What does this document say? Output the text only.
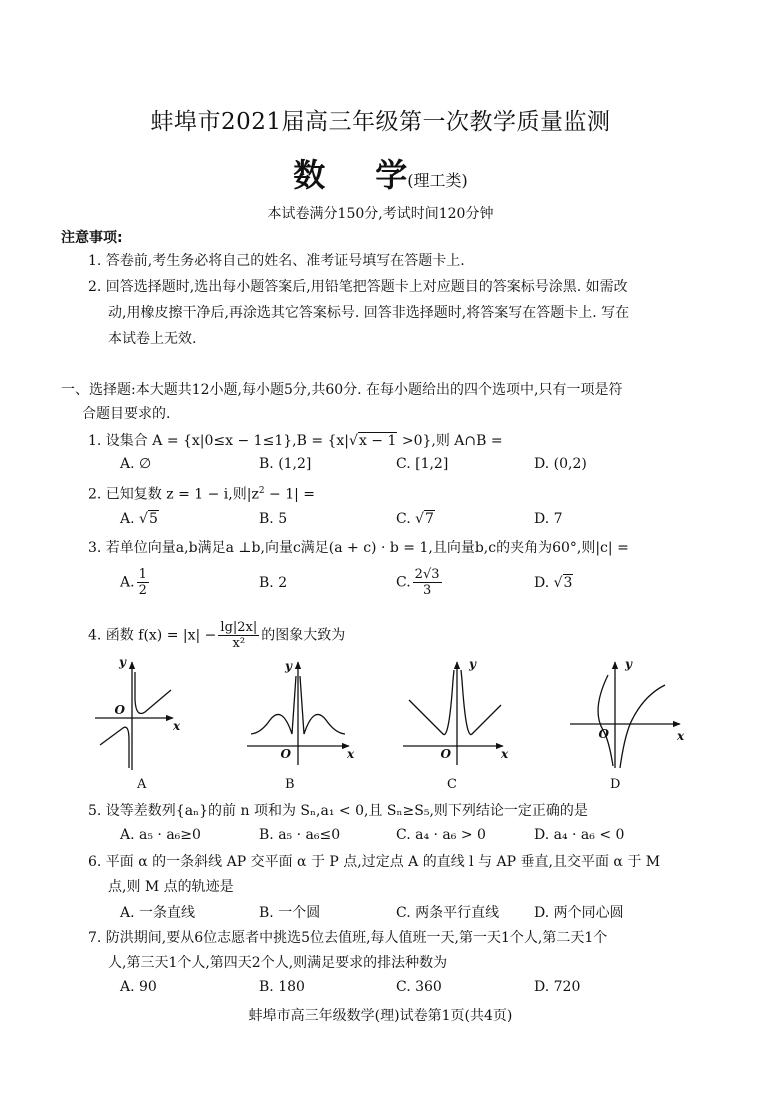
蚌埠市2021届高三年级第一次教学质量监测
数 学(理工类)
本试卷满分150分,考试时间120分钟
注意事项:
1. 答卷前,考生务必将自己的姓名、准考证号填写在答题卡上.
2. 回答选择题时,选出每小题答案后,用铅笔把答题卡上对应题目的答案标号涂黑. 如需改
动,用橡皮擦干净后,再涂选其它答案标号. 回答非选择题时,将答案写在答题卡上. 写在
本试卷上无效.
一、选择题:本大题共12小题,每小题5分,共60分. 在每小题给出的四个选项中,只有一项是符
合题目要求的.
1. 设集合 A = {x|0≤x − 1≤1},B = {x|√x − 1 >0},则 A∩B =
A. ∅	B. (1,2]	C. [1,2]	D. (0,2)
2. 已知复数 z = 1 − i,则$|z^2 - 1|$ =
A. √5	B. 5	C. √7	D. 7
3. 若单位向量a,b满足a ⊥b,向量c满足(a + c) · b = 1,且向量b,c的夹角为60°,则|c| =
A. $\frac{1}{2}$	B. 2	C. $\frac{2√3}{3}$	D. √3
4. 函数 $f(x) = |x| - \frac{\lg|2x|}{\text{x²}}$ 的图象大致为
y
x
O
y
x
O
y
x
O
y
x
O
A	B	C	D
5. 设等差数列{aₙ}的前 n 项和为 Sₙ,a₁ < 0,且 Sₙ≥S₅,则下列结论一定正确的是
A. a₅ · a₆≥0	B. a₅ · a₆≤0	C. a₄ · a₆ > 0	D. a₄ · a₆ < 0
6. 平面 α 的一条斜线 AP 交平面 α 于 P 点,过定点 A 的直线 l 与 AP 垂直,且交平面 α 于 M
点,则 M 点的轨迹是
A. 一条直线	B. 一个圆	C. 两条平行直线 D. 两个同心圆
7. 防洪期间,要从6位志愿者中挑选5位去值班,每人值班一天,第一天1个人,第二天1个
人,第三天1个人,第四天2个人,则满足要求的排法种数为
A. 90	B. 180	C. 360	D. 720
蚌埠市高三年级数学(理)试卷第1页(共4页)
